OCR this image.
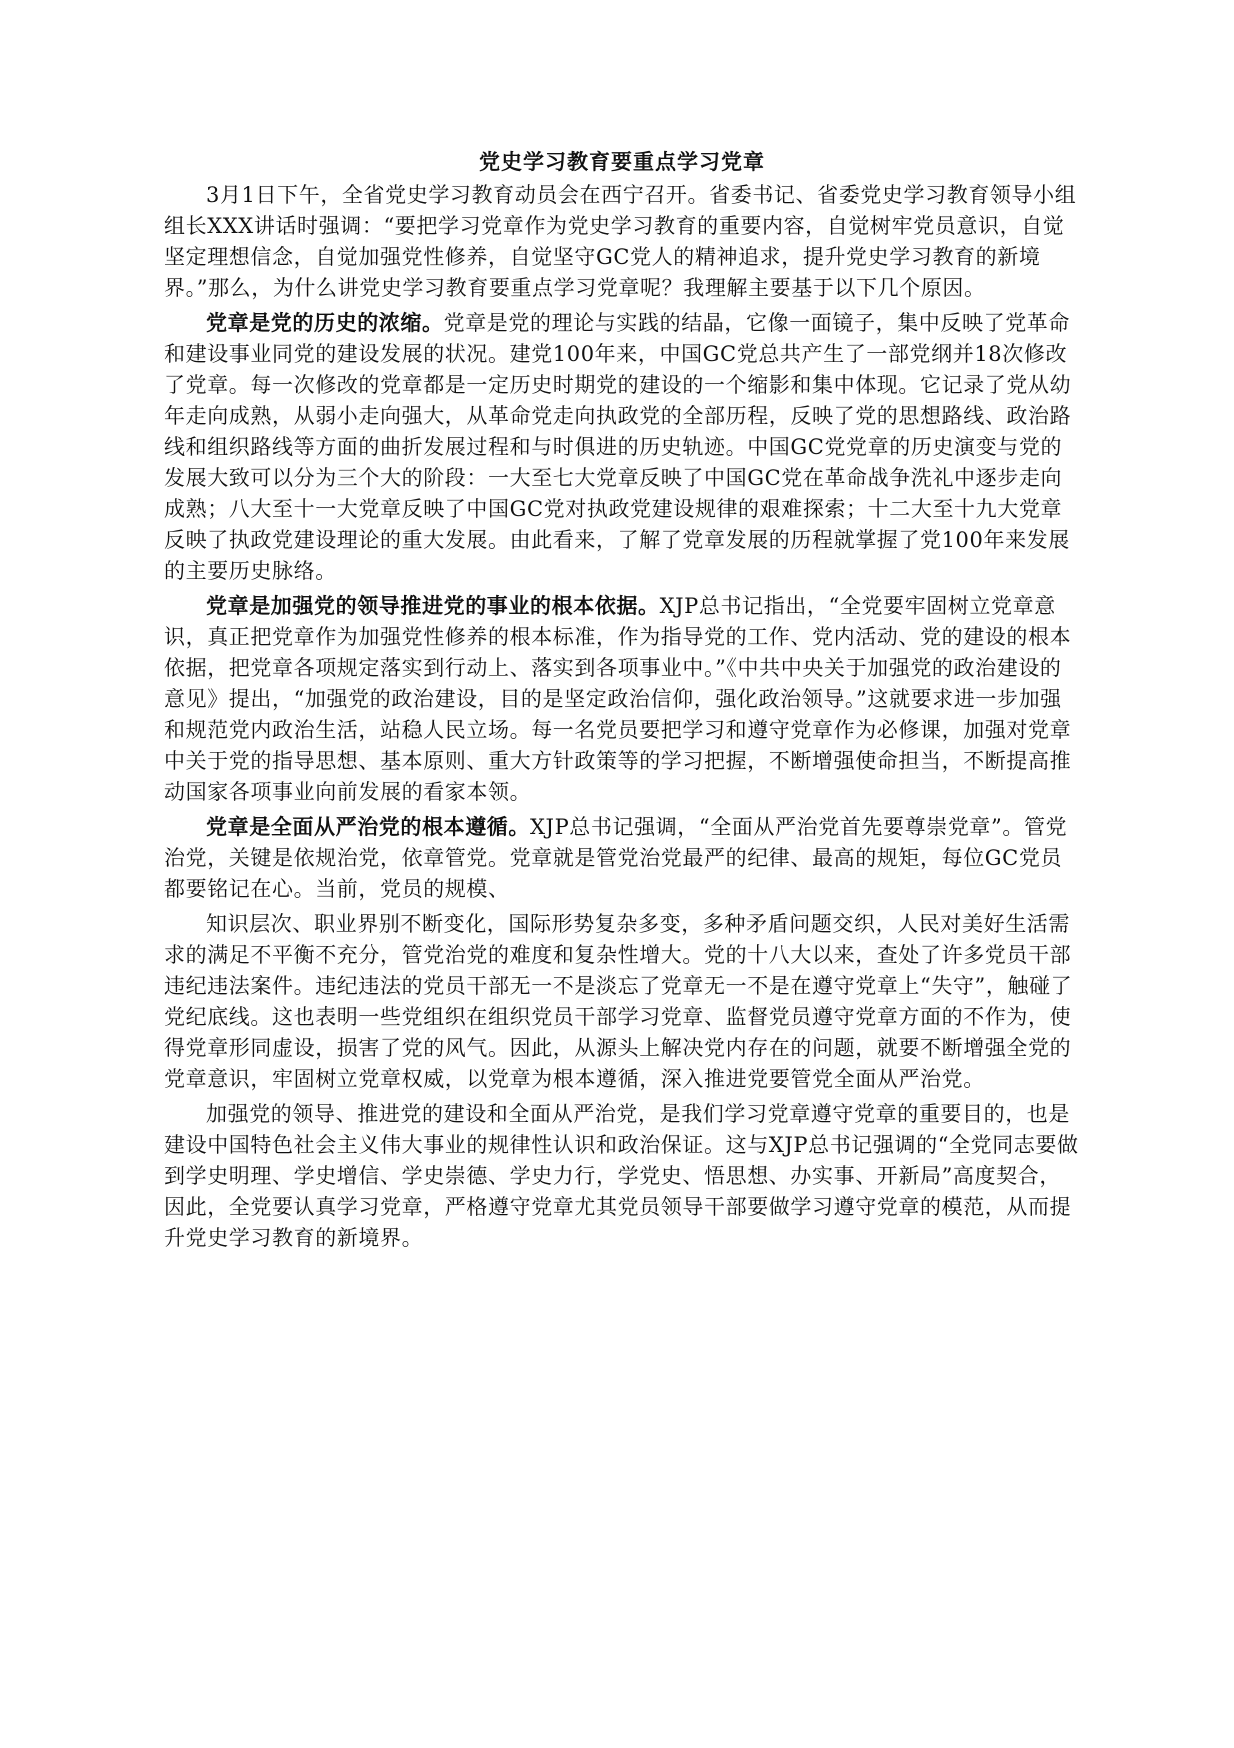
党史学习教育要重点学习党章

3月1日下午，全省党史学习教育动员会在西宁召开。省委书记、省委党史学习教育领导小组组长XXX讲话时强调：“要把学习党章作为党史学习教育的重要内容，自觉树牢党员意识，自觉坚定理想信念，自觉加强党性修养，自觉坚守GC党人的精神追求，提升党史学习教育的新境界。”那么，为什么讲党史学习教育要重点学习党章呢？我理解主要基于以下几个原因。

党章是党的历史的浓缩。党章是党的理论与实践的结晶，它像一面镜子，集中反映了党革命和建设事业同党的建设发展的状况。建党100年来，中国GC党总共产生了一部党纲并18次修改了党章。每一次修改的党章都是一定历史时期党的建设的一个缩影和集中体现。它记录了党从幼年走向成熟，从弱小走向强大，从革命党走向执政党的全部历程，反映了党的思想路线、政治路线和组织路线等方面的曲折发展过程和与时俱进的历史轨迹。中国GC党党章的历史演变与党的发展大致可以分为三个大的阶段：一大至七大党章反映了中国GC党在革命战争洗礼中逐步走向成熟；八大至十一大党章反映了中国GC党对执政党建设规律的艰难探索；十二大至十九大党章反映了执政党建设理论的重大发展。由此看来，了解了党章发展的历程就掌握了党100年来发展的主要历史脉络。

党章是加强党的领导推进党的事业的根本依据。XJP总书记指出，“全党要牢固树立党章意识，真正把党章作为加强党性修养的根本标准，作为指导党的工作、党内活动、党的建设的根本依据，把党章各项规定落实到行动上、落实到各项事业中。”《中共中央关于加强党的政治建设的意见》提出，“加强党的政治建设，目的是坚定政治信仰，强化政治领导。”这就要求进一步加强和规范党内政治生活，站稳人民立场。每一名党员要把学习和遵守党章作为必修课，加强对党章中关于党的指导思想、基本原则、重大方针政策等的学习把握，不断增强使命担当，不断提高推动国家各项事业向前发展的看家本领。

党章是全面从严治党的根本遵循。XJP总书记强调，“全面从严治党首先要尊崇党章”。管党治党，关键是依规治党，依章管党。党章就是管党治党最严的纪律、最高的规矩，每位GC党员都要铭记在心。当前，党员的规模、

知识层次、职业界别不断变化，国际形势复杂多变，多种矛盾问题交织，人民对美好生活需求的满足不平衡不充分，管党治党的难度和复杂性增大。党的十八大以来，查处了许多党员干部违纪违法案件。违纪违法的党员干部无一不是淡忘了党章无一不是在遵守党章上“失守”，触碰了党纪底线。这也表明一些党组织在组织党员干部学习党章、监督党员遵守党章方面的不作为，使得党章形同虚设，损害了党的风气。因此，从源头上解决党内存在的问题，就要不断增强全党的党章意识，牢固树立党章权威，以党章为根本遵循，深入推进党要管党全面从严治党。

加强党的领导、推进党的建设和全面从严治党，是我们学习党章遵守党章的重要目的，也是建设中国特色社会主义伟大事业的规律性认识和政治保证。这与XJP总书记强调的“全党同志要做到学史明理、学史增信、学史崇德、学史力行，学党史、悟思想、办实事、开新局”高度契合，因此，全党要认真学习党章，严格遵守党章尤其党员领导干部要做学习遵守党章的模范，从而提升党史学习教育的新境界。
